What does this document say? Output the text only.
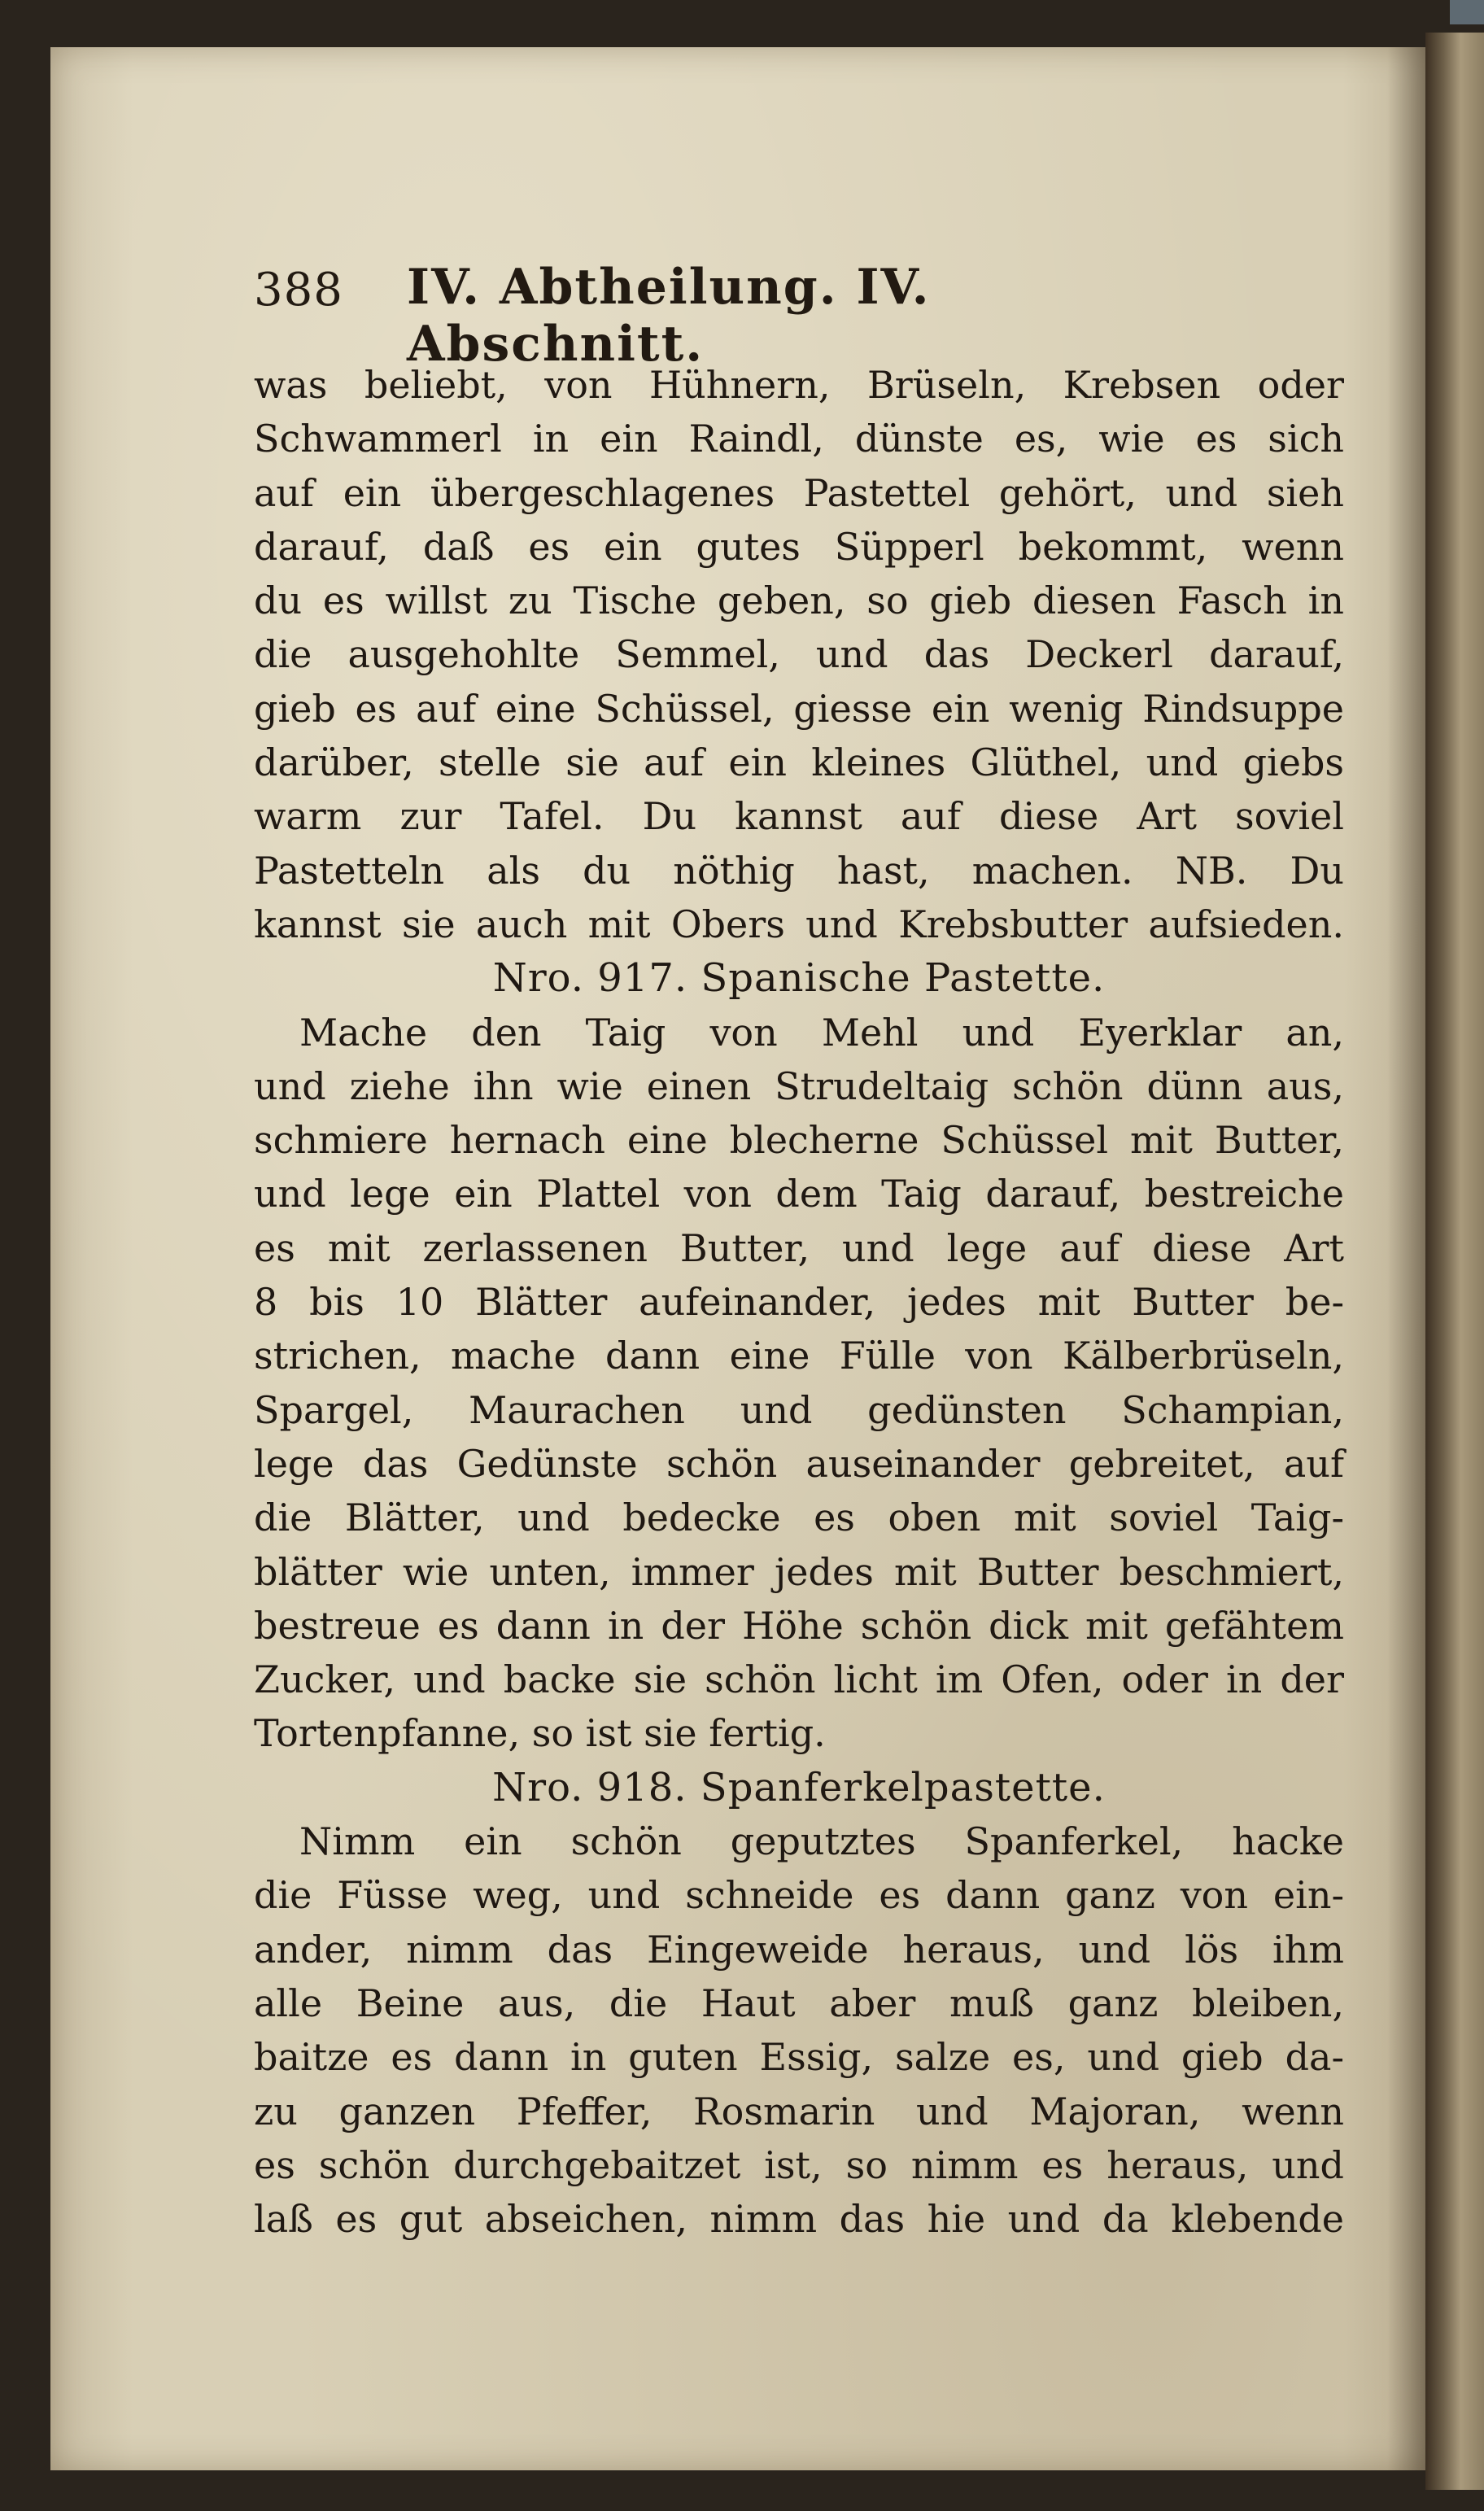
388 IV. Abtheilung. IV. Abschnitt.
was beliebt, von Hühnern, Brüseln, Krebsen oder
Schwammerl in ein Raindl, dünste es, wie es sich
auf ein übergeschlagenes Pastettel gehört, und sieh
darauf, daß es ein gutes Süpperl bekommt, wenn
du es willst zu Tische geben, so gieb diesen Fasch in
die ausgehohlte Semmel, und das Deckerl darauf,
gieb es auf eine Schüssel, giesse ein wenig Rindsuppe
darüber, stelle sie auf ein kleines Glüthel, und giebs
warm zur Tafel. Du kannst auf diese Art soviel
Pastetteln als du nöthig hast, machen. NB. Du
kannst sie auch mit Obers und Krebsbutter aufsieden.
Nro. 917. Spanische Pastette.
Mache den Taig von Mehl und Eyerklar an,
und ziehe ihn wie einen Strudeltaig schön dünn aus,
schmiere hernach eine blecherne Schüssel mit Butter,
und lege ein Plattel von dem Taig darauf, bestreiche
es mit zerlassenen Butter, und lege auf diese Art
8 bis 10 Blätter aufeinander, jedes mit Butter be-
strichen, mache dann eine Fülle von Kälberbrüseln,
Spargel, Maurachen und gedünsten Schampian,
lege das Gedünste schön auseinander gebreitet, auf
die Blätter, und bedecke es oben mit soviel Taig-
blätter wie unten, immer jedes mit Butter beschmiert,
bestreue es dann in der Höhe schön dick mit gefähtem
Zucker, und backe sie schön licht im Ofen, oder in der
Tortenpfanne, so ist sie fertig.
Nro. 918. Spanferkelpastette.
Nimm ein schön geputztes Spanferkel, hacke
die Füsse weg, und schneide es dann ganz von ein-
ander, nimm das Eingeweide heraus, und lös ihm
alle Beine aus, die Haut aber muß ganz bleiben,
baitze es dann in guten Essig, salze es, und gieb da-
zu ganzen Pfeffer, Rosmarin und Majoran, wenn
es schön durchgebaitzet ist, so nimm es heraus, und
laß es gut abseichen, nimm das hie und da klebende
